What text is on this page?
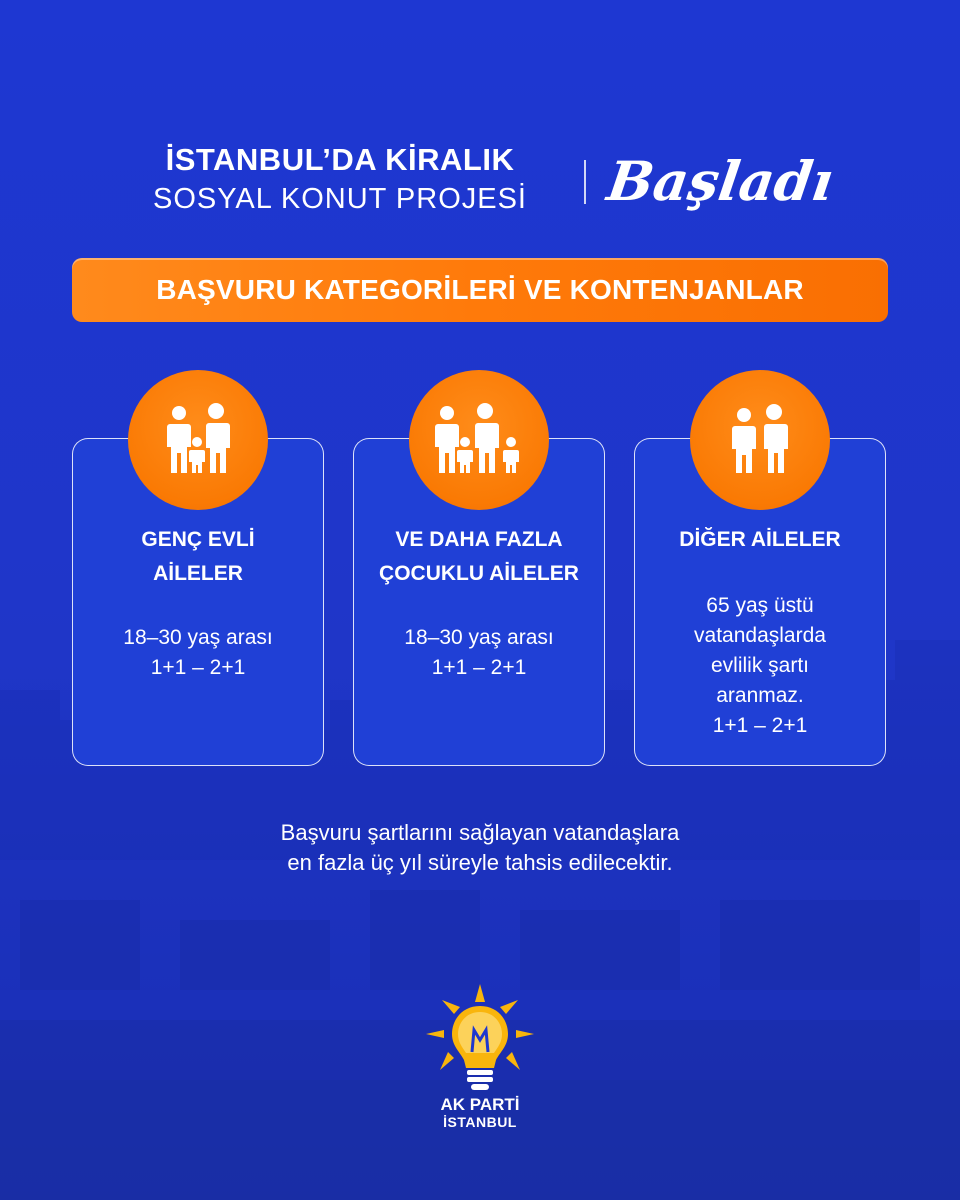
İSTANBUL’DA KİRALIK
SOSYAL KONUT PROJESİ	Başladı
BAŞVURU KATEGORİLERİ VE KONTENJANLAR
GENÇ EVLİ
AİLELER
18–30 yaş arası
1+1 – 2+1
VE DAHA FAZLA
ÇOCUKLU AİLELER
18–30 yaş arası
1+1 – 2+1
DİĞER AİLELER
65 yaş üstü
vatandaşlarda
evlilik şartı
aranmaz.
1+1 – 2+1
Başvuru şartlarını sağlayan vatandaşlara
en fazla üç yıl süreyle tahsis edilecektir.
AK PARTİ
İSTANBUL
